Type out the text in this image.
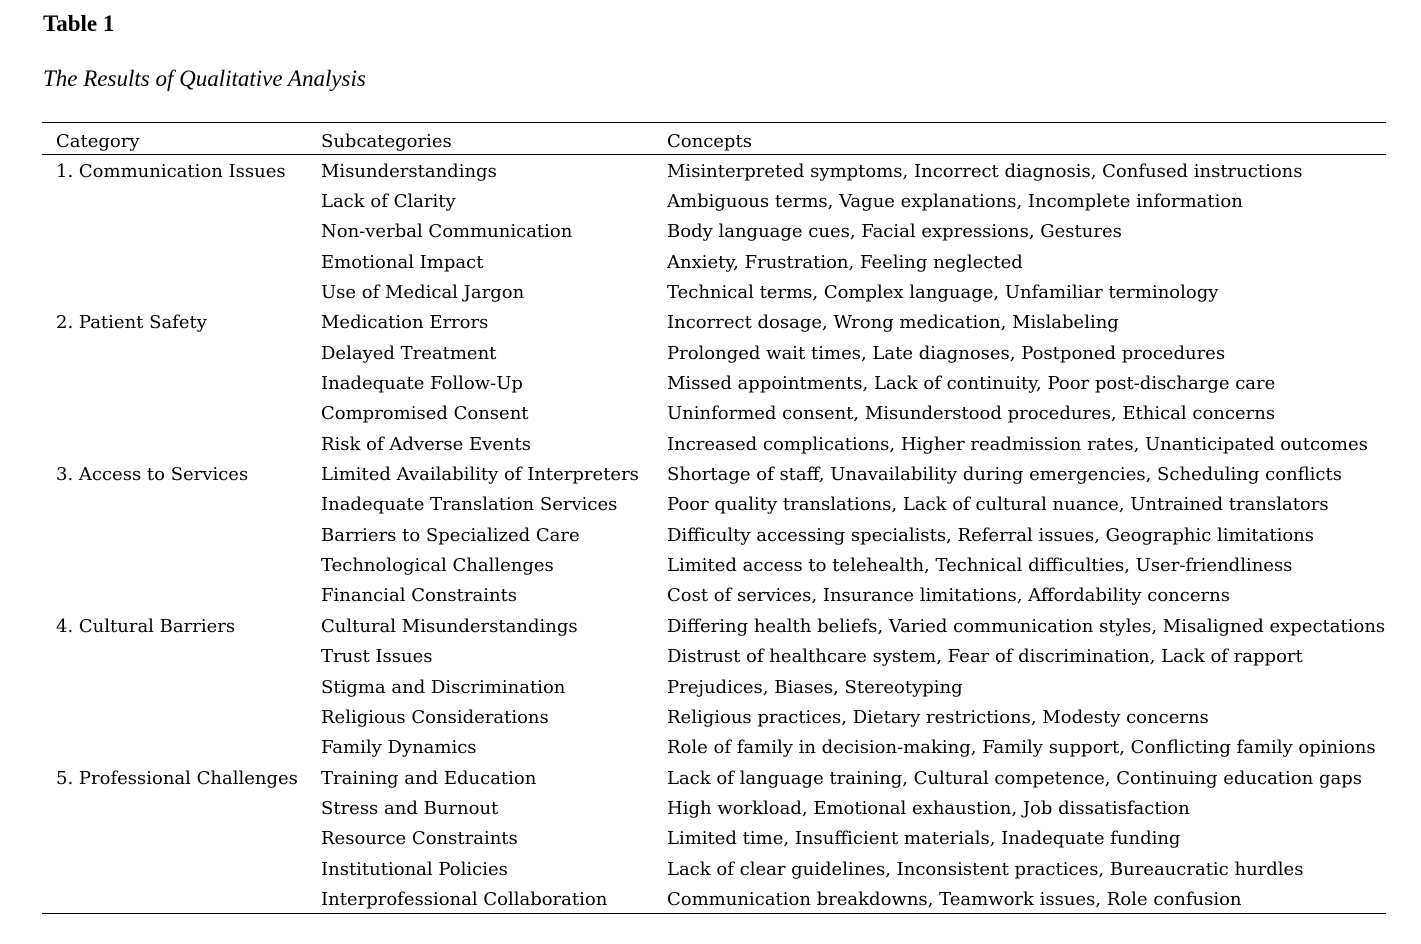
Table 1

The Results of Qualitative Analysis

Category	Subcategories	Concepts
1. Communication Issues	Misunderstandings	Misinterpreted symptoms, Incorrect diagnosis, Confused instructions
	Lack of Clarity	Ambiguous terms, Vague explanations, Incomplete information
	Non-verbal Communication	Body language cues, Facial expressions, Gestures
	Emotional Impact	Anxiety, Frustration, Feeling neglected
	Use of Medical Jargon	Technical terms, Complex language, Unfamiliar terminology
2. Patient Safety	Medication Errors	Incorrect dosage, Wrong medication, Mislabeling
	Delayed Treatment	Prolonged wait times, Late diagnoses, Postponed procedures
	Inadequate Follow-Up	Missed appointments, Lack of continuity, Poor post-discharge care
	Compromised Consent	Uninformed consent, Misunderstood procedures, Ethical concerns
	Risk of Adverse Events	Increased complications, Higher readmission rates, Unanticipated outcomes
3. Access to Services	Limited Availability of Interpreters	Shortage of staff, Unavailability during emergencies, Scheduling conflicts
	Inadequate Translation Services	Poor quality translations, Lack of cultural nuance, Untrained translators
	Barriers to Specialized Care	Difficulty accessing specialists, Referral issues, Geographic limitations
	Technological Challenges	Limited access to telehealth, Technical difficulties, User-friendliness
	Financial Constraints	Cost of services, Insurance limitations, Affordability concerns
4. Cultural Barriers	Cultural Misunderstandings	Differing health beliefs, Varied communication styles, Misaligned expectations
	Trust Issues	Distrust of healthcare system, Fear of discrimination, Lack of rapport
	Stigma and Discrimination	Prejudices, Biases, Stereotyping
	Religious Considerations	Religious practices, Dietary restrictions, Modesty concerns
	Family Dynamics	Role of family in decision-making, Family support, Conflicting family opinions
5. Professional Challenges	Training and Education	Lack of language training, Cultural competence, Continuing education gaps
	Stress and Burnout	High workload, Emotional exhaustion, Job dissatisfaction
	Resource Constraints	Limited time, Insufficient materials, Inadequate funding
	Institutional Policies	Lack of clear guidelines, Inconsistent practices, Bureaucratic hurdles
	Interprofessional Collaboration	Communication breakdowns, Teamwork issues, Role confusion
